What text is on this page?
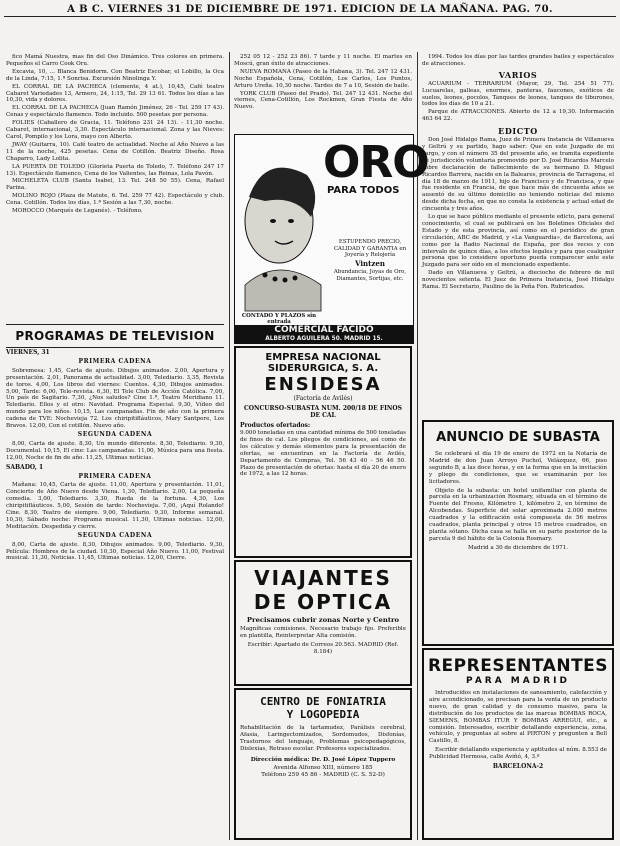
A B C. VIERNES 31 DE DICIEMBRE DE 1971. EDICION DE LA MAÑANA. PAG. 70.

fico Mamá Nuestra, mas fin del Oso Dinámico. Tres colores en primera. Pequeños el Carro Cook Oru.

Excavia, 10, ... Blanca Benidorm. Con Beatriz Escobar, el Lobillo, la Oca de la Linda, 7:15, 1.ª Sonrisa. Excursión Ninolinga Y.

EL CORRAL DE LA PACHECA (clemente, 4 at.), 10,45, Café teatro Cabaret Variedades 13, Armero, 24, 1:15, Tel. 29 13 61. Todos los días a las 10,30, vida y dolores.

EL CORRAL DE LA PACHECA (Juan Ramón Jiménez, 26 - Tel. 259 17 43). Cenas y espectáculo flamenco. Todo incluido. 500 pesetas por persona.

FOLIES (Caballero de Gracia, 11. Teléfono 231 24 13). - 11,30 noche. Cabaret, internacional, 3,30. Espectáculo internacional. Zona y las Nieves: Carol, Pompilo y los Lora, mayo con Alberto.

JWAY (Guitarra, 10). Café teatro de actualidad. Noche al Año Nuevo a las 11 de la noche, 425 pesetas. Cena de Cotillón. Beatriz Diseño. Rosa Chaparro, Lady Lolita.

LA PUERTA DE TOLEDO (Glorieta Puerta de Toledo, 7. Teléfono 247 17 13). Espectáculo flamenco, Cena de los Valientes, las Reinas, Lola Pavón.

MICHELETA CLUB (Santa Isabel, 13. Tel. 248 50 55). Cena, Rafael Farina.

MOLINO ROJO (Plaza de Matute, 6. Tel. 259 77 42). Espectáculo y club. Cena. Cotillón. Todos los días, 1.ª Sesión a las 7,30, noche.

MOROCCO (Marqués de Leganés). - Teléfono.

PROGRAMAS DE TELEVISION
VIERNES, 31
PRIMERA CADENA

Sobremesa: 1,45, Carta de ajuste. Dibujos animados. 2,00, Apertura y presentación. 2,01, Panorama de actualidad. 3,00, Telediario. 3,35, Revista de toros. 4,00, Los libros del viernes: Cuentos. 4,30, Dibujos animados. 5,00, Tarde: 6,00, Tele-revista. 6,30, El Tele Club de Acción Católica. 7,00, Un país de Sagitario. 7,30, ¿Nos saludos? Cine 1.ª, Teatro Meridiano 11. Telediario. Ellos y el otro: Navidad. Programa Especial. 9,30, Vídeo del mundo para los niños. 10,15, Las campanadas. Fin de año con la primera cadena de TVE: Nochevieja 72. Los chiripitifláuticos, Mary Santpere, Los Bravos. 12,00, Con el cotillón. Nuevo año.

SEGUNDA CADENA

8,00, Carta de ajuste. 8,30, Un mundo diferente. 8,30, Telediario. 9,30, Documental. 10,15, El cine: Las campanadas. 11,00, Música para una fiesta. 12,00, Noche de fin de año. 11,25, Ultimas noticias.

SABADO, 1
PRIMERA CADENA

Mañana: 10,45, Carta de ajuste. 11,00, Apertura y presentación. 11,01, Concierto de Año Nuevo desde Viena. 1,30, Telediario. 2,00, La pequeña comedia. 3,00, Telediario. 3,30, Rueda de la fortuna. 4,30, Los chiripitifláuticos. 5,00, Sesión de tarde: Nochevieja. 7,00, ¡Aquí Rolando! Cine. 8,30, Teatro de siempre. 9,00, Telediario. 9,30, Informe semanal. 10,30, Sábado noche: Programa musical. 11,30, Ultimas noticias. 12,00, Meditación. Despedida y cierre.

SEGUNDA CADENA

8,00, Carta de ajuste. 8,30, Dibujos animados. 9,00, Telediario. 9,30, Película: Hombres de la ciudad. 10,30, Especial Año Nuevo. 11,00, Festival musical. 11,30, Noticias. 11,45, Ultimas noticias. 12,00, Cierre.

252 05 12 - 252 23 86). 7 tarde y 11 noche. El martes en Moscú, gran éxito de atracciones.

NUEVA ROMANA (Paseo de la Habana, 3). Tel. 247 12 431. Noche Española, Cena, Cotillón, Los Carlos, Los Puntos, Arturo Ureña. 10,30 noche. Tardes de 7 a 10, Sesión de baile.

YORK CLUB (Paseo del Prado). Tel. 247 12 431. Noche del viernes, Cena-Cotillón, Los Rockmen, Gran Fiesta de Año Nuevo.

ORO
PARA TODOS
ESTUPENDO PRECIO, CALIDAD Y GARANTIA en Joyería y Relojería
Vintzen
Abundancia, Joyas de Oro, Diamantes, Sortijas, etc.
CONTADO Y PLAZOS sin entrada
COMERCIAL FACIDO
ALBERTO AGUILERA 50. MADRID 15.
EMPRESA NACIONAL
SIDERURGICA, S. A.
ENSIDESA
(Factoría de Avilés)
CONCURSO-SUBASTA NUM. 200/18 DE FINOS DE CAL
Productos ofertados:
9.000 toneladas en una cantidad mínima de 500 toneladas de finos de cal. Los pliegos de condiciones, así como de los cálculos y demás elementos para la presentación de ofertas, se encuentran en la Factoría de Avilés, Departamento de Compras, Tel. 56 43 40 - 56 46 50. Plazo de presentación de ofertas: hasta el día 20 de enero de 1972, a las 12 horas.
VIAJANTES
DE OPTICA
Precisamos cubrir zonas Norte y Centro
Magníficas comisiones. Necesario trabajo fijo. Preferible en plantilla, Reinterpretar Alta comisión.
Escribir: Apartado de Correos 20.563. MADRID (Ref. 8.184)
CENTRO DE FONIATRIA
Y LOGOPEDIA
Rehabilitación de la tartamudez, Parálisis cerebral, Afasia, Laringectomizados, Sordomudos, Disfonías, Trastornos del lenguaje, Problemas psicopedagógicos, Dislexias, Retraso escolar. Profesores especializados.
Dirección médica: Dr. D. José López Tuppero
Avenida Alfonso XIII, número 185
Teléfono 259 45 86 - MADRID (C. S. 52-D)

1994. Todos los días por las tardes grandes bailes y espectáculos de atracciones.

VARIOS

ACUARIUM - TERRARIUM (Mayor, 29, Tel. 254 51 77). Lucuarelas, galleas, enormes, panteras, faucones, exóticos de suelos, leones, pocolos, Tanques de leones, tanques de tiburones, todos los días de 10 a 21.

Parque de ATRACCIONES. Abierto de 12 a 19,30. Información 463 64 22.

EDICTO

Don José Hidalgo Rama, Juez de Primera Instancia de Villanueva y Geltrú y su partido, hago saber: Que en este Juzgado de mi cargo, y con el número 35 del presente año, se tramita expediente de jurisdicción voluntaria promovido por D. José Ricardos Marcelo sobre declaración de fallecimiento de su hermano D. Miguel Ricardos Barrera, nacido en la Baleares, provincia de Tarragona, el día 18 de marzo de 1911, hijo de Francisco y de Francisca, y que fue residente en Francia, de que hace más de cincuenta años se ausentó de su último domicilio no teniendo noticias del mismo desde dicha fecha, en que no consta la existencia y actual edad de cincuenta y tres años.

Lo que se hace público mediante el presente edicto, para general conocimiento, el cual se publicará en los Boletines Oficiales del Estado y de esta provincia, así como en el periódico de gran circulación, ABC de Madrid, y «La Vanguardia», de Barcelona, así como por la Radio Nacional de España, por dos veces y con intervalo de quince días, a los efectos legales y para que cualquier persona que lo considere oportuno pueda comparecer ante este Juzgado para ser oído en el mencionado expediente.

Dado en Villanueva y Geltrú, a dieciocho de febrero de mil novecientos setenta. El Juez de Primera Instancia, José Hidalgo Rama. El Secretario, Paulino de la Peña Fon. Rubricados.

ANUNCIO DE SUBASTA
Se celebrará el día 19 de enero de 1972 en la Notaría de Madrid de don Juan Arroyo Puchol, Velázquez, 66, piso segundo B, a las doce horas, y en la forma que en la invitación y pliego de condiciones, que se examinarán por los licitadores.
Objeto de la subasta: un hotel unifamiliar con planta de parcela en la urbanización Rosmary, situada en el término de Fuente del Fresno, Kilómetro 1, kilómetro 2, en término de Alcobendas. Superficie del solar aproximada 2.000 metros cuadrados y la edificación está compuesta de 56 metros cuadrados, planta principal y otros 15 metros cuadrados, en planta sótano. Dicha casa se halla en su parte posterior de la parcela 9 del hábito de la Colonia Rosmary.
Madrid a 30 de diciembre de 1971.
REPRESENTANTES
PARA MADRID
Introducidos en instalaciones de saneamiento, calefacción y aire acondicionado, se precisan para la venta de un producto nuevo, de gran calidad y de consumo masivo, para la distribución de los productos de las marcas BOMBAS ROCA, SIEMENS, BOMBAS ITUR Y BOMBAS ARREGUI, etc., a comisión. Interesados, escribir detallando experiencia, zona, vehículo, y preguntas al sobre al PIRTON y pregunten a Bell Castillo, 8.
Escribir detallando experiencia y aptitudes al núm. 8.553 de Publicidad Hermosa, calle Aviñó, 4, 3.º
BARCELONA-2
